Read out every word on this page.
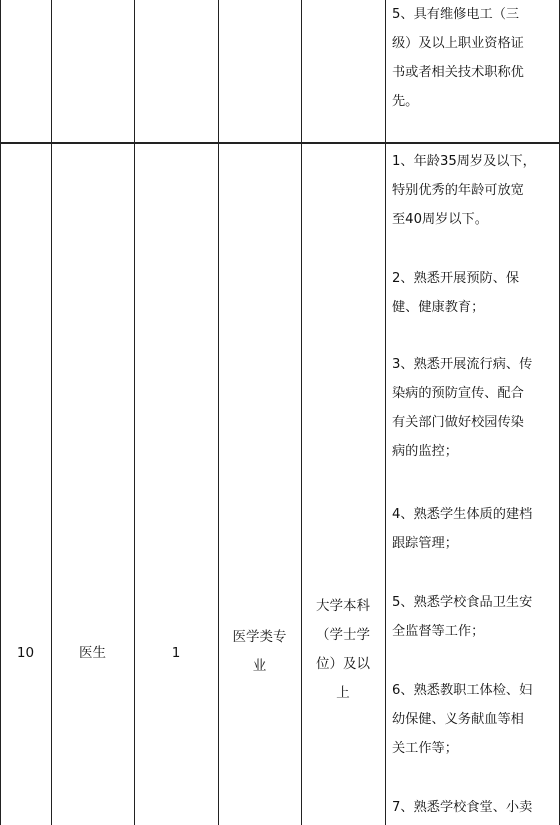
5、具有维修电工（三

级）及以上职业资格证

书或者相关技术职称优

先。

10	医生	1
医学类专
业
大学本科
（学士学
位）及以
上

1、年龄35周岁及以下，

特别优秀的年龄可放宽

至40周岁以下。

2、熟悉开展预防、保

健、健康教育；

3、熟悉开展流行病、传

染病的预防宣传、配合

有关部门做好校园传染

病的监控；

4、熟悉学生体质的建档

跟踪管理；

5、熟悉学校食品卫生安

全监督等工作；

6、熟悉教职工体检、妇

幼保健、义务献血等相

关工作等；

7、熟悉学校食堂、小卖
